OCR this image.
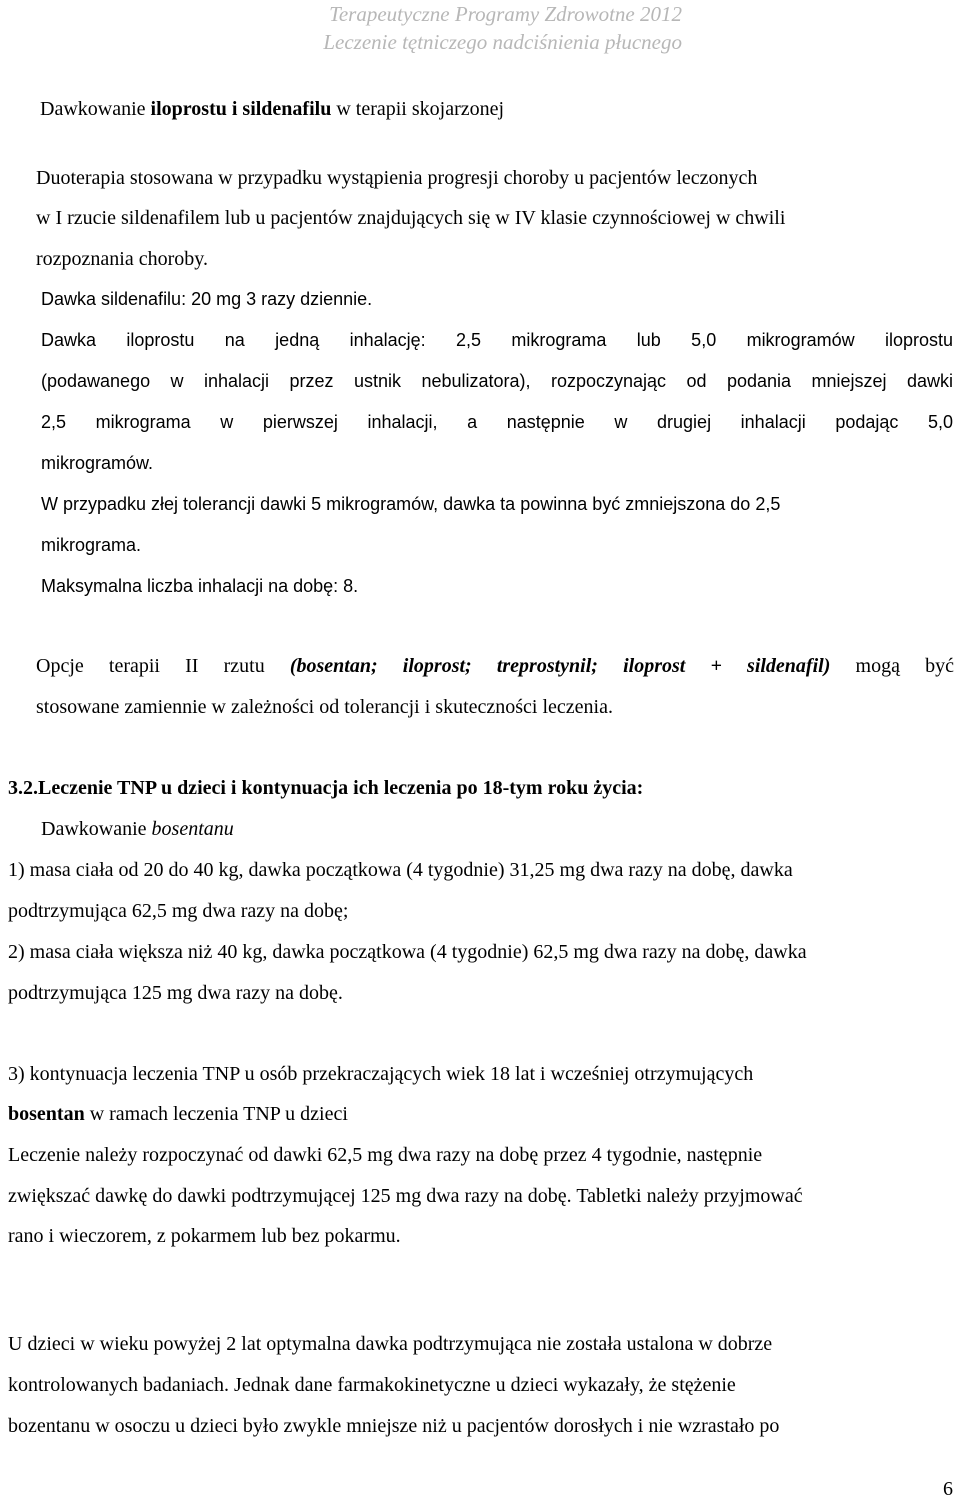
Terapeutyczne Programy Zdrowotne 2012
Leczenie tętniczego nadciśnienia płucnego
Dawkowanie iloprostu i sildenafilu w terapii skojarzonej
Duoterapia stosowana w przypadku wystąpienia progresji choroby u pacjentów leczonych
w I rzucie sildenafilem lub u pacjentów znajdujących się w IV klasie czynnościowej w chwili
rozpoznania choroby.
Dawka sildenafilu: 20 mg 3 razy dziennie.
Dawka iloprostu na jedną inhalację: 2,5 mikrograma lub 5,0 mikrogramów iloprostu
(podawanego w inhalacji przez ustnik nebulizatora), rozpoczynając od podania mniejszej dawki
2,5 mikrograma w pierwszej inhalacji, a następnie w drugiej inhalacji podając 5,0
mikrogramów.
W przypadku złej tolerancji dawki 5 mikrogramów, dawka ta powinna być zmniejszona do 2,5
mikrograma.
Maksymalna liczba inhalacji na dobę: 8.
Opcje terapii II rzutu (bosentan; iloprost; treprostynil; iloprost + sildenafil) mogą być
stosowane zamiennie w zależności od tolerancji i skuteczności leczenia.
3.2.Leczenie TNP u dzieci i kontynuacja ich leczenia po 18-tym roku życia:
Dawkowanie bosentanu
1) masa ciała od 20 do 40 kg, dawka początkowa (4 tygodnie) 31,25 mg dwa razy na dobę, dawka
podtrzymująca 62,5 mg dwa razy na dobę;
2) masa ciała większa niż 40 kg, dawka początkowa (4 tygodnie) 62,5 mg dwa razy na dobę, dawka
podtrzymująca 125 mg dwa razy na dobę.
3) kontynuacja leczenia TNP u osób przekraczających wiek 18 lat i wcześniej otrzymujących
bosentan w ramach leczenia TNP u dzieci
Leczenie należy rozpoczynać od dawki 62,5 mg dwa razy na dobę przez 4 tygodnie, następnie
zwiększać dawkę do dawki podtrzymującej 125 mg dwa razy na dobę. Tabletki należy przyjmować
rano i wieczorem, z pokarmem lub bez pokarmu.
U dzieci w wieku powyżej 2 lat optymalna dawka podtrzymująca nie została ustalona w dobrze
kontrolowanych badaniach. Jednak dane farmakokinetyczne u dzieci wykazały, że stężenie
bozentanu w osoczu u dzieci było zwykle mniejsze niż u pacjentów dorosłych i nie wzrastało po
6
